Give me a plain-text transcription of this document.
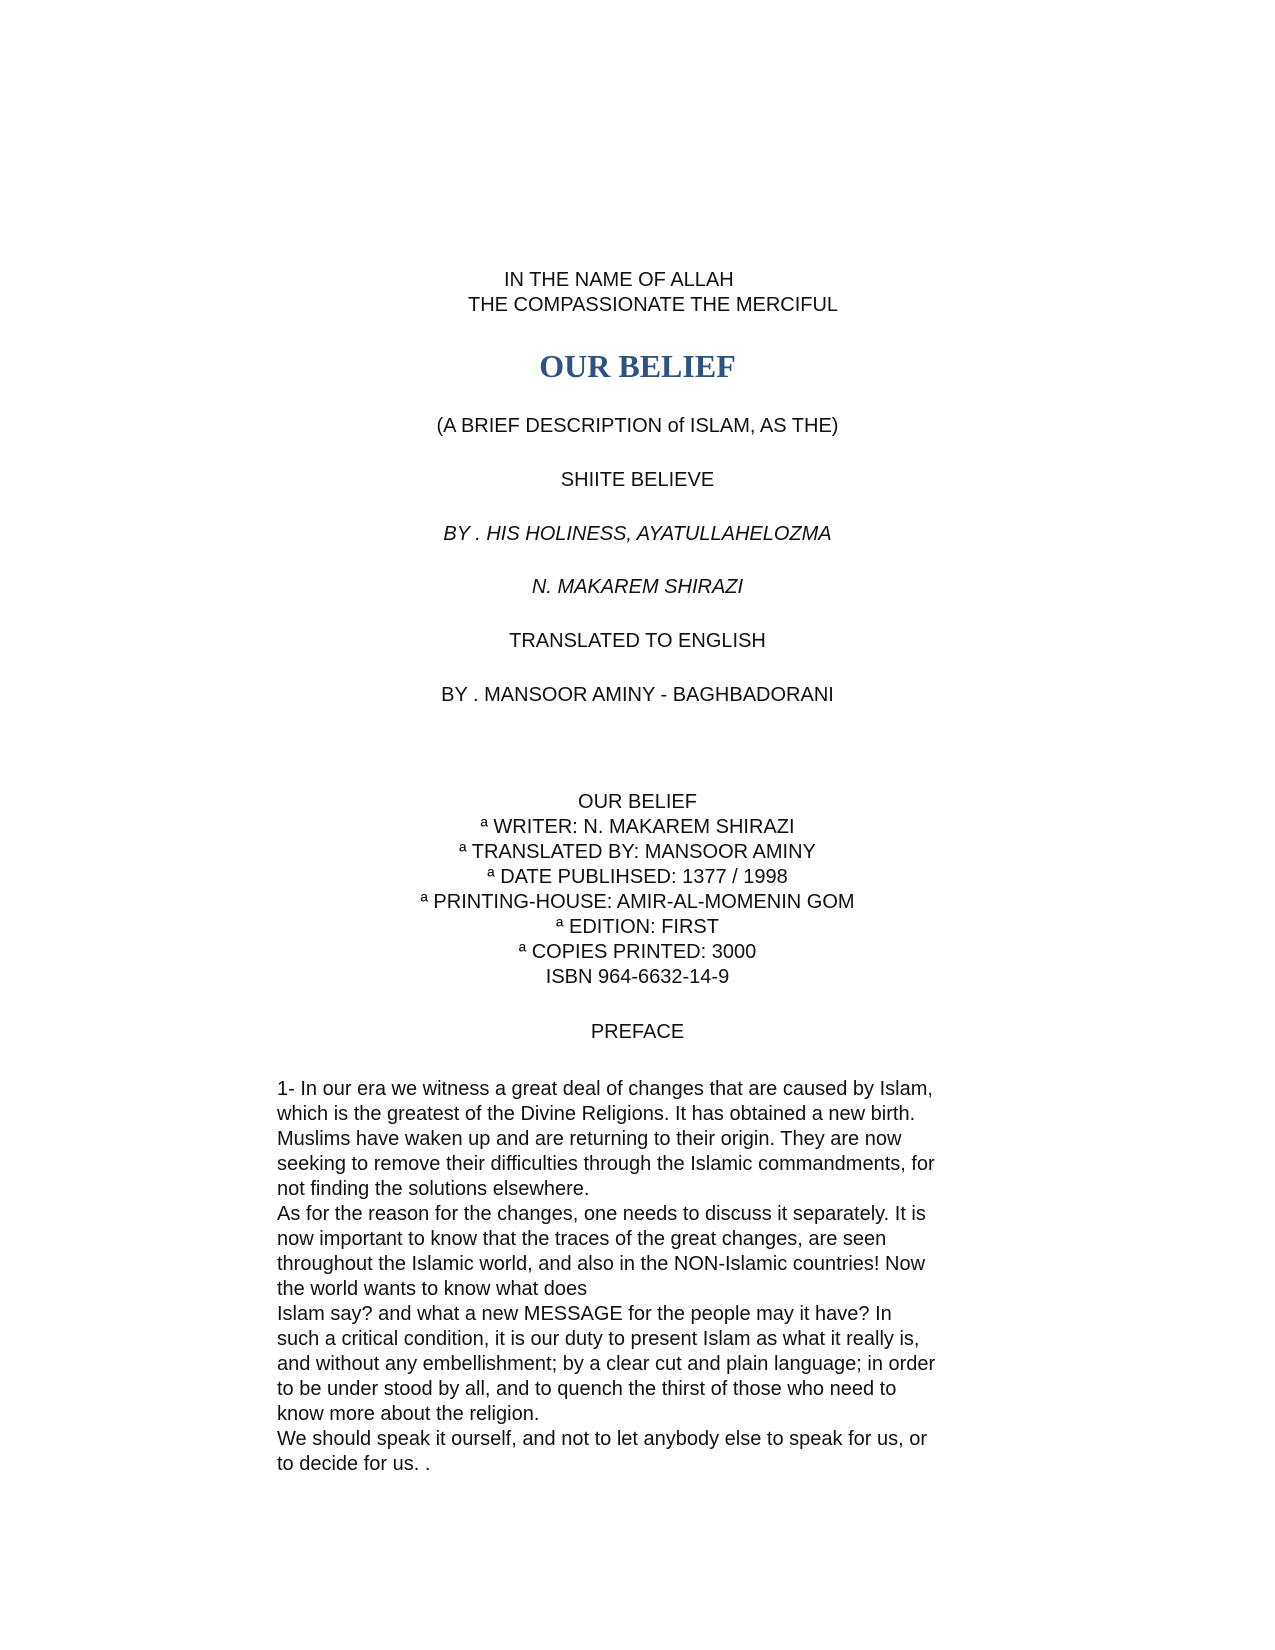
IN THE NAME OF ALLAH
THE COMPASSIONATE THE MERCIFUL
OUR BELIEF
(A BRIEF DESCRIPTION of ISLAM, AS THE)
SHIITE BELIEVE
BY . HIS HOLINESS, AYATULLAHELOZMA
N. MAKAREM SHIRAZI
TRANSLATED TO ENGLISH
BY . MANSOOR AMINY - BAGHBADORANI
OUR BELIEF
ª WRITER: N. MAKAREM SHIRAZI
ª TRANSLATED BY: MANSOOR AMINY
ª DATE PUBLIHSED: 1377 / 1998
ª PRINTING-HOUSE: AMIR-AL-MOMENIN GOM
ª EDITION: FIRST
ª COPIES PRINTED: 3000
ISBN 964-6632-14-9
PREFACE
1- In our era we witness a great deal of changes that are caused by Islam,
which is the greatest of the Divine Religions. It has obtained a new birth.
Muslims have waken up and are returning to their origin. They are now
seeking to remove their difficulties through the Islamic commandments, for
not finding the solutions elsewhere.
As for the reason for the changes, one needs to discuss it separately. It is
now important to know that the traces of the great changes, are seen
throughout the Islamic world, and also in the NON-Islamic countries! Now
the world wants to know what does
Islam say? and what a new MESSAGE for the people may it have? In
such a critical condition, it is our duty to present Islam as what it really is,
and without any embellishment; by a clear cut and plain language; in order
to be under stood by all, and to quench the thirst of those who need to
know more about the religion.
We should speak it ourself, and not to let anybody else to speak for us, or
to decide for us. .
